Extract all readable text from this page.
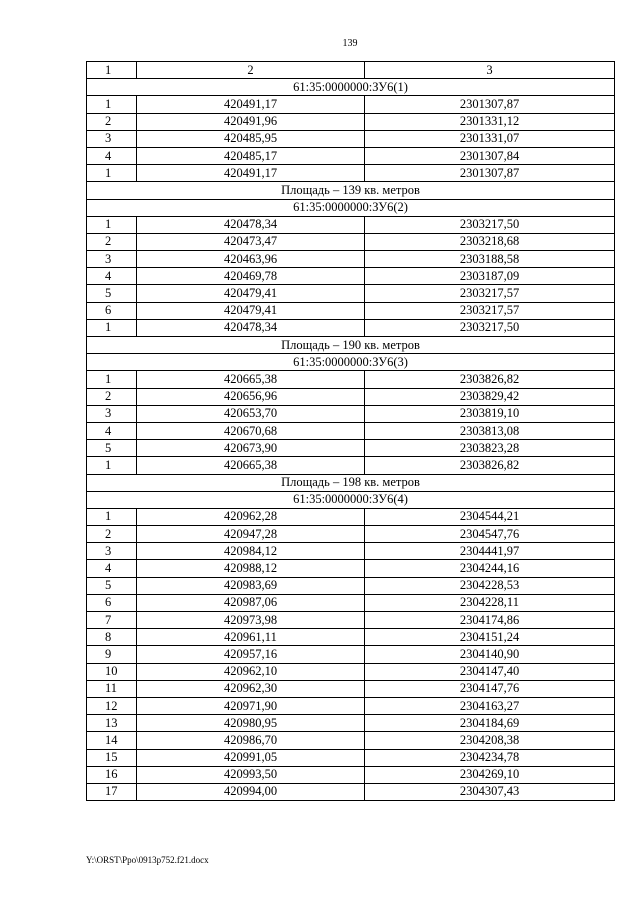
139
1	2	3
61:35:0000000:ЗУ6(1)		
1	420491,17	2301307,87
2	420491,96	2301331,12
3	420485,95	2301331,07
4	420485,17	2301307,84
1	420491,17	2301307,87
Площадь – 139 кв. метров		
61:35:0000000:ЗУ6(2)		
1	420478,34	2303217,50
2	420473,47	2303218,68
3	420463,96	2303188,58
4	420469,78	2303187,09
5	420479,41	2303217,57
6	420479,41	2303217,57
1	420478,34	2303217,50
Площадь – 190 кв. метров		
61:35:0000000:ЗУ6(3)		
1	420665,38	2303826,82
2	420656,96	2303829,42
3	420653,70	2303819,10
4	420670,68	2303813,08
5	420673,90	2303823,28
1	420665,38	2303826,82
Площадь – 198 кв. метров		
61:35:0000000:ЗУ6(4)		
1	420962,28	2304544,21
2	420947,28	2304547,76
3	420984,12	2304441,97
4	420988,12	2304244,16
5	420983,69	2304228,53
6	420987,06	2304228,11
7	420973,98	2304174,86
8	420961,11	2304151,24
9	420957,16	2304140,90
10	420962,10	2304147,40
11	420962,30	2304147,76
12	420971,90	2304163,27
13	420980,95	2304184,69
14	420986,70	2304208,38
15	420991,05	2304234,78
16	420993,50	2304269,10
17	420994,00	2304307,43
Y:\ORST\Ppo\0913p752.f21.docx
